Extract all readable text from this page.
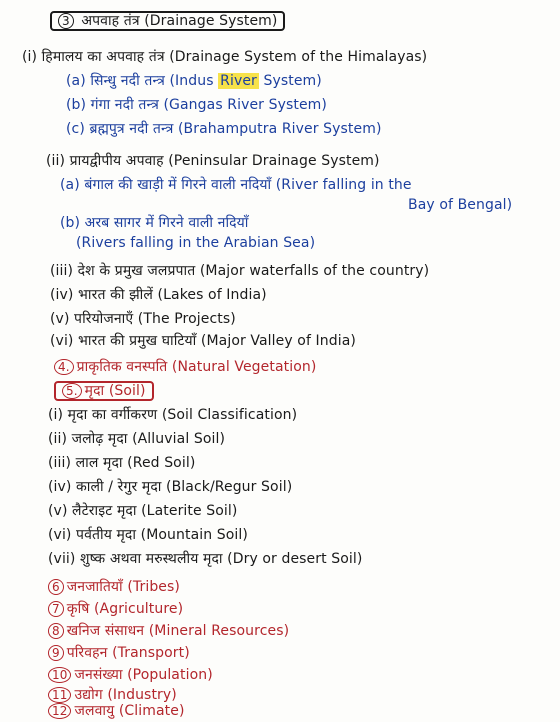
3 अपवाह तंत्र (Drainage System)
(i) हिमालय का अपवाह तंत्र (Drainage System of the Himalayas)
(a) सिन्धु नदी तन्त्र (Indus River System)
(b) गंगा नदी तन्त्र (Gangas River System)
(c) ब्रह्मपुत्र नदी तन्त्र (Brahamputra River System)
(ii) प्रायद्वीपीय अपवाह (Peninsular Drainage System)
(a) बंगाल की खाड़ी में गिरने वाली नदियाँ (River falling in the
Bay of Bengal)
(b) अरब सागर में गिरने वाली नदियाँ
(Rivers falling in the Arabian Sea)
(iii) देश के प्रमुख जलप्रपात (Major waterfalls of the country)
(iv) भारत की झीलें (Lakes of India)
(v) परियोजनाएँ (The Projects)
(vi) भारत की प्रमुख घाटियाँ (Major Valley of India)
4. प्राकृतिक वनस्पति (Natural Vegetation)
5. मृदा (Soil)
(i) मृदा का वर्गीकरण (Soil Classification)
(ii) जलोढ़ मृदा (Alluvial Soil)
(iii) लाल मृदा (Red Soil)
(iv) काली / रेगुर मृदा (Black/Regur Soil)
(v) लैटेराइट मृदा (Laterite Soil)
(vi) पर्वतीय मृदा (Mountain Soil)
(vii) शुष्क अथवा मरुस्थलीय मृदा (Dry or desert Soil)
6 जनजातियाँ (Tribes)
7 कृषि (Agriculture)
8 खनिज संसाधन (Mineral Resources)
9 परिवहन (Transport)
10 जनसंख्या (Population)
11 उद्योग (Industry)
12 जलवायु (Climate)
